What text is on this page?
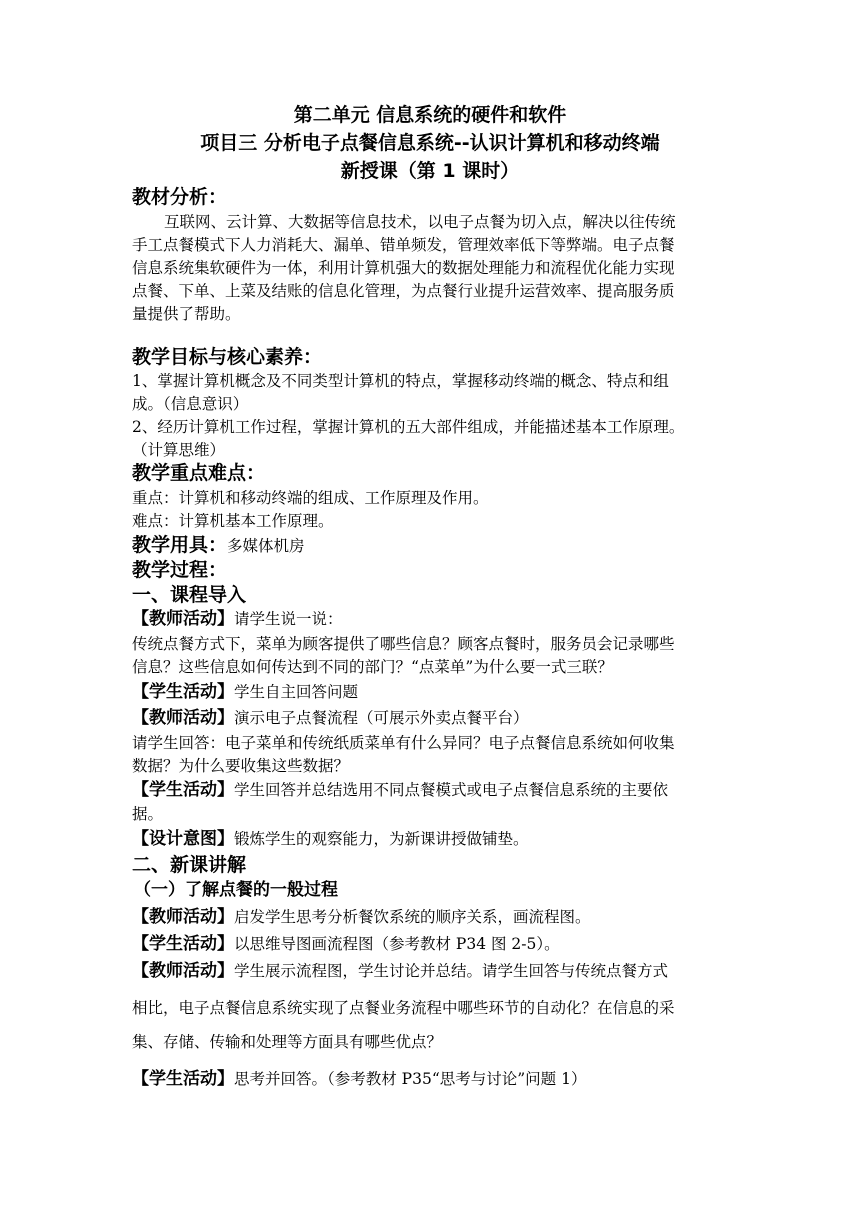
第二单元 信息系统的硬件和软件
项目三 分析电子点餐信息系统--认识计算机和移动终端
新授课（第 1 课时）
教材分析：
互联网、云计算、大数据等信息技术，以电子点餐为切入点，解决以往传统
手工点餐模式下人力消耗大、漏单、错单频发，管理效率低下等弊端。电子点餐
信息系统集软硬件为一体，利用计算机强大的数据处理能力和流程优化能力实现
点餐、下单、上菜及结账的信息化管理，为点餐行业提升运营效率、提高服务质
量提供了帮助。
教学目标与核心素养：
1、掌握计算机概念及不同类型计算机的特点，掌握移动终端的概念、特点和组
成。（信息意识）
2、经历计算机工作过程，掌握计算机的五大部件组成，并能描述基本工作原理。
（计算思维）
教学重点难点：
重点：计算机和移动终端的组成、工作原理及作用。
难点：计算机基本工作原理。
教学用具：多媒体机房
教学过程：
一、课程导入
【教师活动】请学生说一说：
传统点餐方式下，菜单为顾客提供了哪些信息？顾客点餐时，服务员会记录哪些
信息？这些信息如何传达到不同的部门？“点菜单”为什么要一式三联？
【学生活动】学生自主回答问题
【教师活动】演示电子点餐流程（可展示外卖点餐平台）
请学生回答：电子菜单和传统纸质菜单有什么异同？电子点餐信息系统如何收集
数据？为什么要收集这些数据？
【学生活动】学生回答并总结选用不同点餐模式或电子点餐信息系统的主要依
据。
【设计意图】锻炼学生的观察能力，为新课讲授做铺垫。
二、新课讲解
（一）了解点餐的一般过程
【教师活动】启发学生思考分析餐饮系统的顺序关系，画流程图。
【学生活动】以思维导图画流程图（参考教材 P34 图 2-5）。
【教师活动】学生展示流程图，学生讨论并总结。请学生回答与传统点餐方式
相比，电子点餐信息系统实现了点餐业务流程中哪些环节的自动化？在信息的采
集、存储、传输和处理等方面具有哪些优点？
【学生活动】思考并回答。（参考教材 P35“思考与讨论”问题 1）
